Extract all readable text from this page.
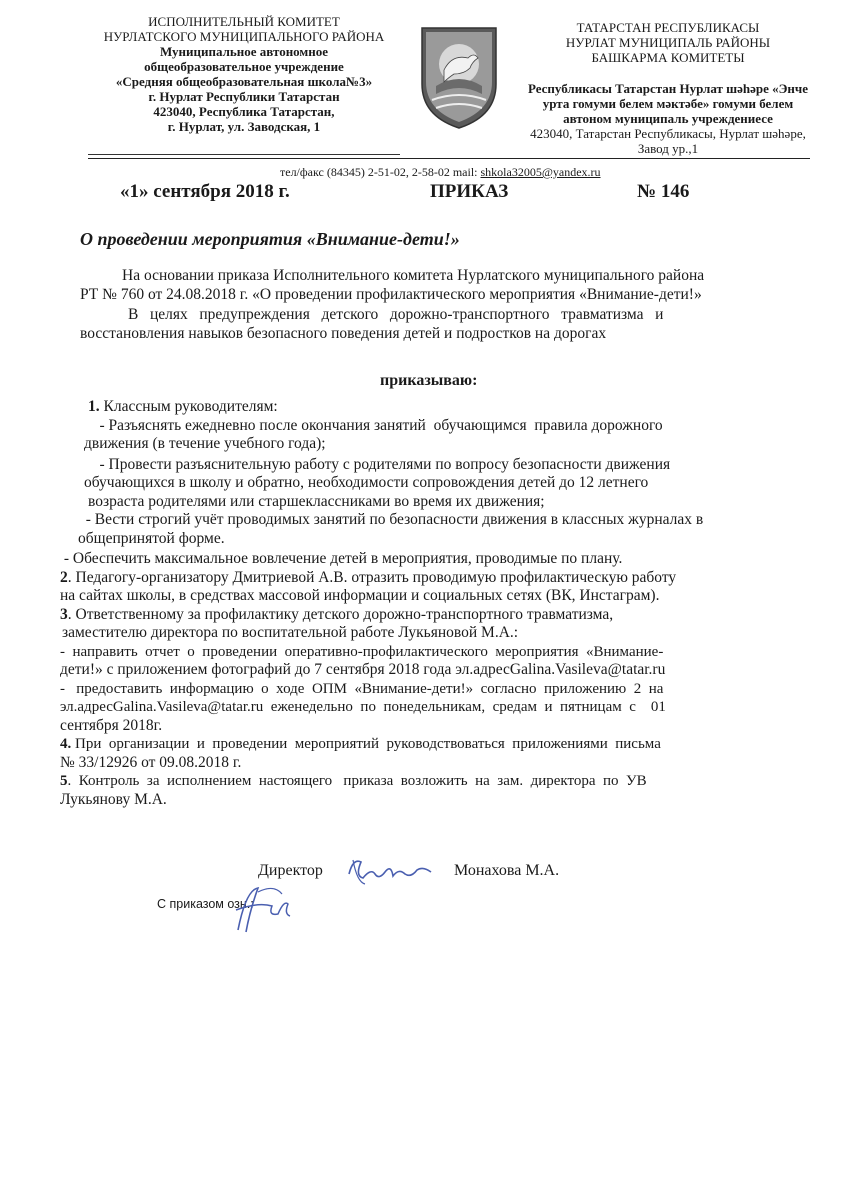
ИСПОЛНИТЕЛЬНЫЙ КОМИТЕТ
НУРЛАТСКОГО МУНИЦИПАЛЬНОГО РАЙОНА
Муниципальное автономное
общеобразовательное учреждение
«Средняя общеобразовательная школа№3»
г. Нурлат Республики Татарстан
423040, Республика Татарстан,
г. Нурлат, ул. Заводская, 1
ТАТАРСТАН РЕСПУБЛИКАСЫ
НУРЛАТ МУНИЦИПАЛЬ РАЙОНЫ
БАШКАРМА КОМИТЕТЫ
Республикасы Татарстан Нурлат шәһәре «Энче
урта гомуми белем мәктәбе» гомуми белем
автоном муниципаль учреждениесе
423040, Татарстан Республикасы, Нурлат шәһәре,
Завод ур.,1
тел/факс (84345) 2-51-02, 2-58-02 mail: shkola32005@yandex.ru
«1» сентября 2018 г.	ПРИКАЗ	№ 146
О проведении мероприятия «Внимание-дети!»
На основании приказа Исполнительного комитета Нурлатского муниципального района
РТ № 760 от 24.08.2018 г. «О проведении профилактического мероприятия «Внимание-дети!»
В   целях   предупреждения   детского   дорожно-транспортного   травматизма   и
восстановления навыков безопасного поведения детей и подростков на дорогах
приказываю:
1. Классным руководителям:
- Разъяснять ежедневно после окончания занятий  обучающимся  правила дорожного
движения (в течение учебного года);
- Провести разъяснительную работу с родителями по вопросу безопасности движения
обучающихся в школу и обратно, необходимости сопровождения детей до 12 летнего
возраста родителями или старшеклассниками во время их движения;
- Вести строгий учёт проводимых занятий по безопасности движения в классных журналах в
общепринятой форме.
- Обеспечить максимальное вовлечение детей в мероприятия, проводимые по плану.
2. Педагогу-организатору Дмитриевой А.В. отразить проводимую профилактическую работу
на сайтах школы, в средствах массовой информации и социальных сетях (ВК, Инстаграм).
3. Ответственному за профилактику детского дорожно-транспортного травматизма,
заместителю директора по воспитательной работе Лукьяновой М.А.:
-  направить  отчет  о  проведении  оперативно-профилактического  мероприятия  «Внимание-
дети!» с приложением фотографий до 7 сентября 2018 года эл.адресGalina.Vasileva@tatar.ru
-   предоставить  информацию  о  ходе  ОПМ  «Внимание-дети!»  согласно  приложению  2  на
эл.адресGalina.Vasileva@tatar.ru  еженедельно  по  понедельникам,  средам  и  пятницам  с    01
сентября 2018г.
4. При  организации  и  проведении  мероприятий  руководствоваться  приложениями  письма
№ 33/12926 от 09.08.2018 г.
5.  Контроль  за  исполнением  настоящего   приказа  возложить  на  зам.  директора  по  УВ
Лукьянову М.А.
Директор	Монахова М.А.
С приказом озн.:
